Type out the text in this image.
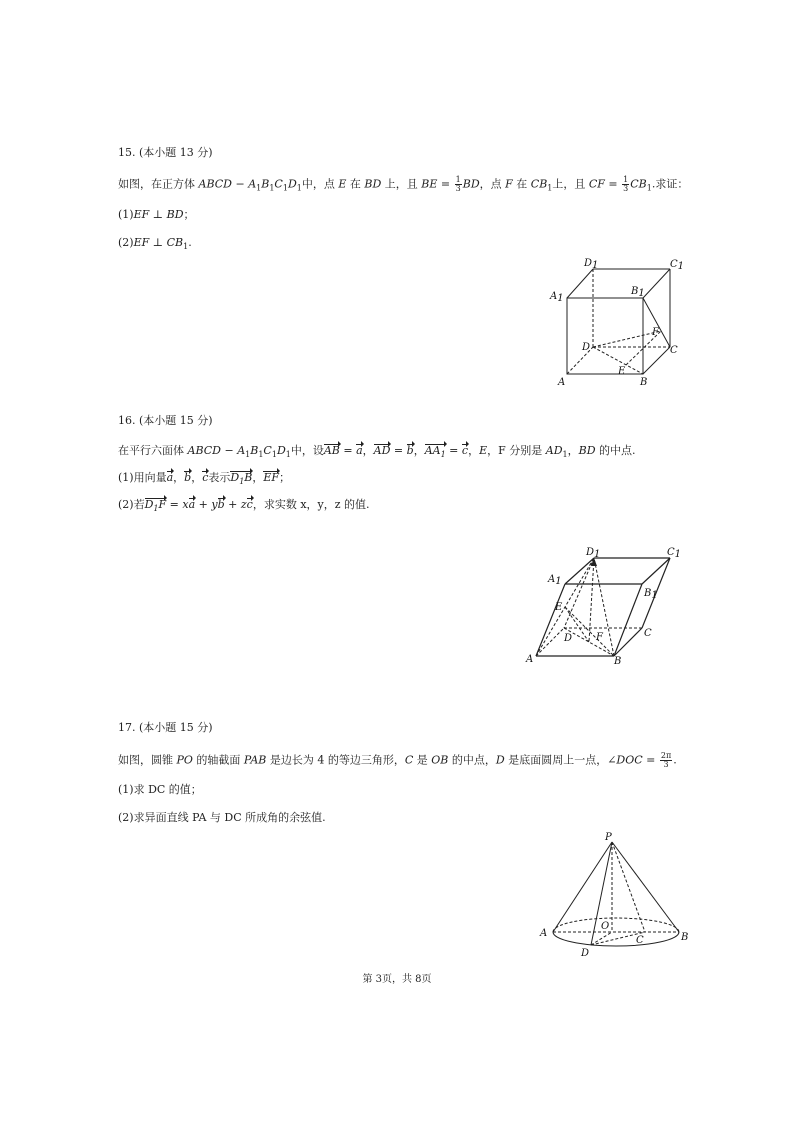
15. (本小题 13 分)
如图，在正方体 ABCD − $A_1B_1C_1D_1$中，点 E 在 BD 上，且 BE = $\frac{1}{3}$ BD，点 F 在 $CB_1$上，且 CF = $\frac{1}{3} CB_1$.求证：
(1)EF ⊥ BD；
(2)EF ⊥ $CB_1$.
D1	C1
A1
B1
F
C
D
E
A	B
16. (本小题 15 分)
在平行六面体 ABCD − $A_1B_1C_1D_1$中，设AB = a，AD = b，$AA_1 = c$，E，F 分别是 $AD_1$，BD 的中点.
(1)用向量a，b，c表示$D_1B$，EF；
(2)若$D_1F$ = xa + yb + zc，求实数 x，y，z 的值.
D1	C1
A1
B1
E
D F	C
A	B
17. (本小题 15 分)
如图，圆锥 PO 的轴截面 PAB 是边长为 4 的等边三角形，C 是 OB 的中点，D 是底面圆周上一点，∠DOC = $\frac{2\pi}{3}$ .
(1)求 DC 的值；
(2)求异面直线 PA 与 DC 所成角的余弦值.
P
A	B
O
C
D
第 3页，共 8页
